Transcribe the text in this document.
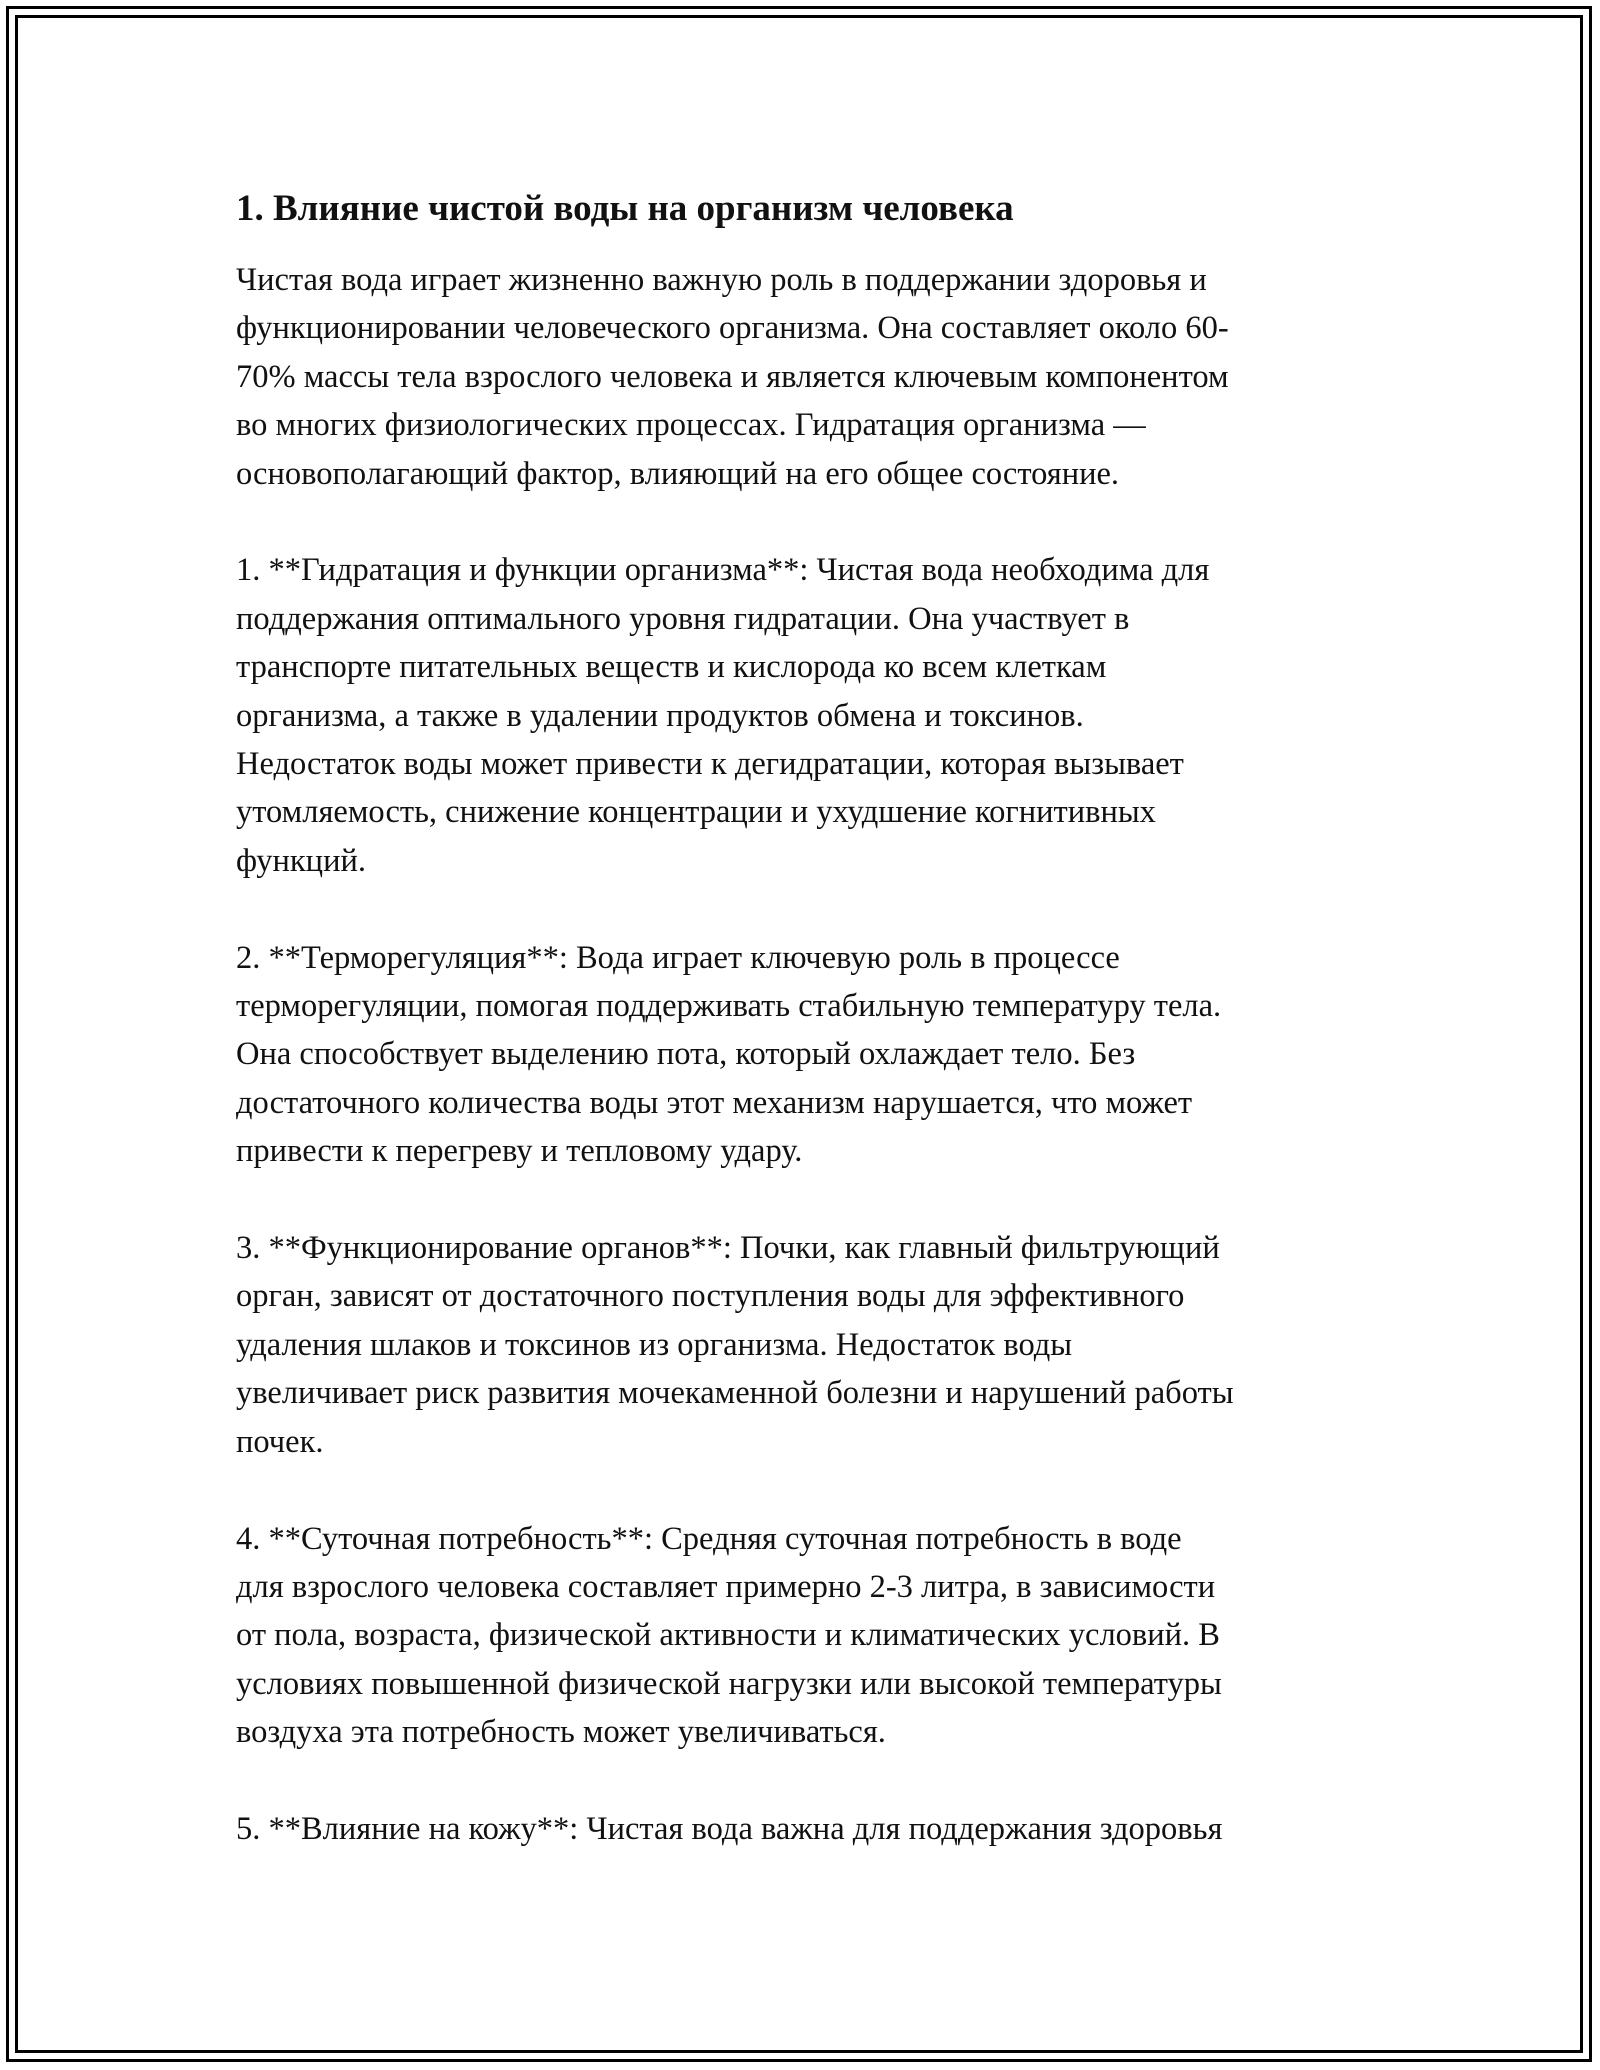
1. Влияние чистой воды на организм человека

Чистая вода играет жизненно важную роль в поддержании здоровья и
функционировании человеческого организма. Она составляет около 60-
70% массы тела взрослого человека и является ключевым компонентом
во многих физиологических процессах. Гидратация организма —
основополагающий фактор, влияющий на его общее состояние.

1. **Гидратация и функции организма**: Чистая вода необходима для
поддержания оптимального уровня гидратации. Она участвует в
транспорте питательных веществ и кислорода ко всем клеткам
организма, а также в удалении продуктов обмена и токсинов.
Недостаток воды может привести к дегидратации, которая вызывает
утомляемость, снижение концентрации и ухудшение когнитивных
функций.

2. **Терморегуляция**: Вода играет ключевую роль в процессе
терморегуляции, помогая поддерживать стабильную температуру тела.
Она способствует выделению пота, который охлаждает тело. Без
достаточного количества воды этот механизм нарушается, что может
привести к перегреву и тепловому удару.

3. **Функционирование органов**: Почки, как главный фильтрующий
орган, зависят от достаточного поступления воды для эффективного
удаления шлаков и токсинов из организма. Недостаток воды
увеличивает риск развития мочекаменной болезни и нарушений работы
почек.

4. **Суточная потребность**: Средняя суточная потребность в воде
для взрослого человека составляет примерно 2-3 литра, в зависимости
от пола, возраста, физической активности и климатических условий. В
условиях повышенной физической нагрузки или высокой температуры
воздуха эта потребность может увеличиваться.

5. **Влияние на кожу**: Чистая вода важна для поддержания здоровья
